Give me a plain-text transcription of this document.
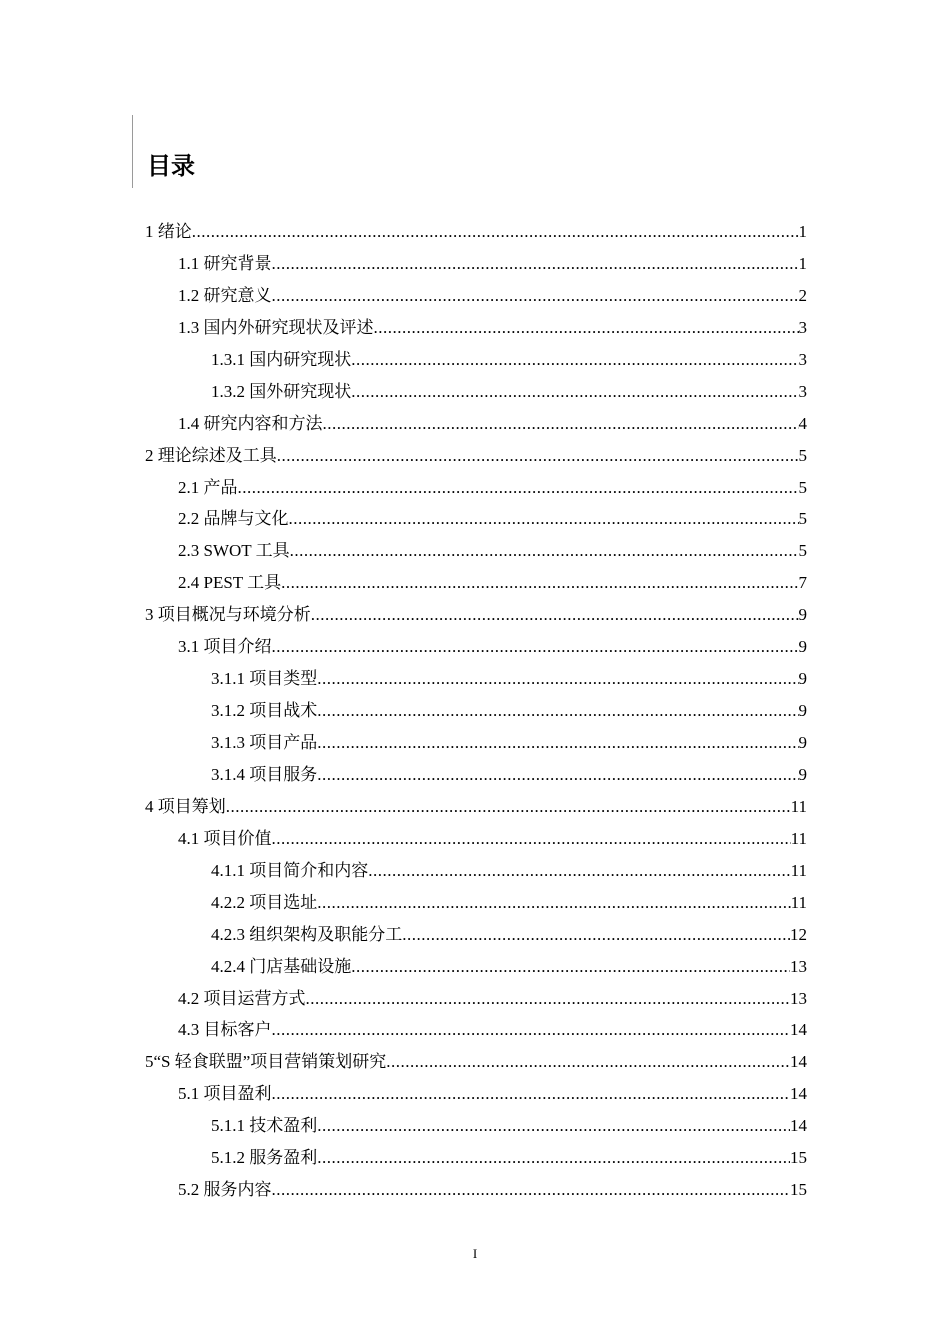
目录
1 绪论 .....	1
1.1 研究背景 .....	1
1.2 研究意义 .....	2
1.3 国内外研究现状及评述 .....	3
1.3.1 国内研究现状 .....	3
1.3.2 国外研究现状 .....	3
1.4 研究内容和方法 .....	4
2 理论综述及工具 .....	5
2.1 产品 .....	5
2.2 品牌与文化 .....	5
2.3 SWOT 工具 .....	5
2.4 PEST 工具 .....	7
3 项目概况与环境分析 .....	9
3.1 项目介绍 .....	9
3.1.1 项目类型 .....	9
3.1.2 项目战术 .....	9
3.1.3 项目产品 .....	9
3.1.4 项目服务 .....	9
4 项目筹划 .....	11
4.1 项目价值 .....	11
4.1.1 项目简介和内容 .....	11
4.2.2 项目选址 .....	11
4.2.3 组织架构及职能分工 .....	12
4.2.4 门店基础设施 .....	13
4.2 项目运营方式 .....	13
4.3 目标客户 .....	14
5“S 轻食联盟”项目营销策划研究 .....	14
5.1 项目盈利 .....	14
5.1.1 技术盈利 .....	14
5.1.2 服务盈利 .....	15
5.2 服务内容 .....	15
I
